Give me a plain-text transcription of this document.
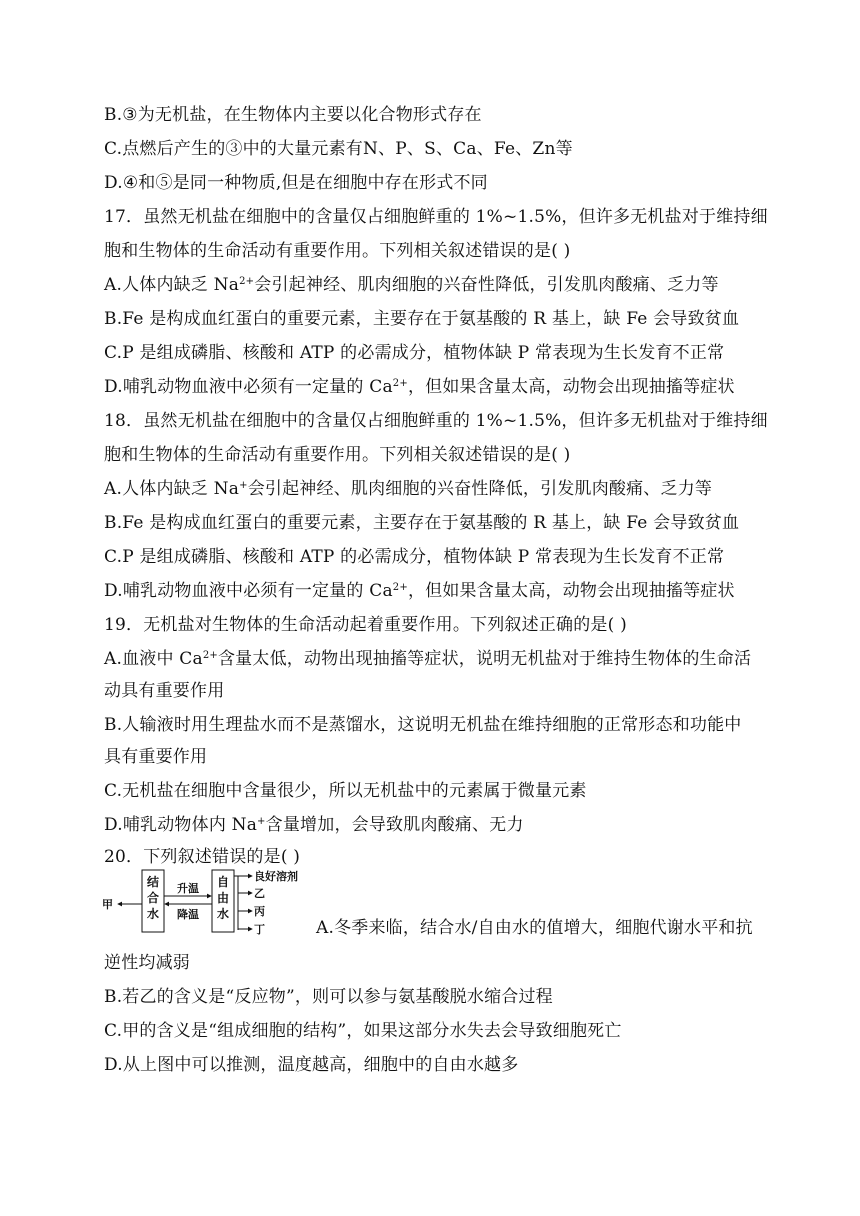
B.③为无机盐，在生物体内主要以化合物形式存在
C.点燃后产生的③中的大量元素有N、P、S、Ca、Fe、Zn等
D.④和⑤是同一种物质,但是在细胞中存在形式不同
17．虽然无机盐在细胞中的含量仅占细胞鲜重的 1%~1.5%，但许多无机盐对于维持细
胞和生物体的生命活动有重要作用。下列相关叙述错误的是( )
A.人体内缺乏 $Na^{2+}$会引起神经、肌肉细胞的兴奋性降低，引发肌肉酸痛、乏力等
B.Fe 是构成血红蛋白的重要元素，主要存在于氨基酸的 R 基上，缺 Fe 会导致贫血
C.P 是组成磷脂、核酸和 ATP 的必需成分，植物体缺 P 常表现为生长发育不正常
D.哺乳动物血液中必须有一定量的 $Ca^{2+}$，但如果含量太高，动物会出现抽搐等症状
18．虽然无机盐在细胞中的含量仅占细胞鲜重的 1%~1.5%，但许多无机盐对于维持细
胞和生物体的生命活动有重要作用。下列相关叙述错误的是( )
A.人体内缺乏 Na+会引起神经、肌肉细胞的兴奋性降低，引发肌肉酸痛、乏力等
B.Fe 是构成血红蛋白的重要元素，主要存在于氨基酸的 R 基上，缺 Fe 会导致贫血
C.P 是组成磷脂、核酸和 ATP 的必需成分，植物体缺 P 常表现为生长发育不正常
D.哺乳动物血液中必须有一定量的 $Ca^{2+}$，但如果含量太高，动物会出现抽搐等症状
19．无机盐对生物体的生命活动起着重要作用。下列叙述正确的是( )
A.血液中 $Ca^{2+}$含量太低，动物出现抽搐等症状，说明无机盐对于维持生物体的生命活
动具有重要作用
B.人输液时用生理盐水而不是蒸馏水，这说明无机盐在维持细胞的正常形态和功能中
具有重要作用
C.无机盐在细胞中含量很少，所以无机盐中的元素属于微量元素
D.哺乳动物体内 Na+含量增加，会导致肌肉酸痛、无力
20．下列叙述错误的是( )
结合水
自由水
升温
降温
甲
良好溶剂
乙
丙
丁	A.冬季来临，结合水/自由水的值增大，细胞代谢水平和抗
逆性均减弱
B.若乙的含义是“反应物”，则可以参与氨基酸脱水缩合过程
C.甲的含义是“组成细胞的结构”，如果这部分水失去会导致细胞死亡
D.从上图中可以推测，温度越高，细胞中的自由水越多
